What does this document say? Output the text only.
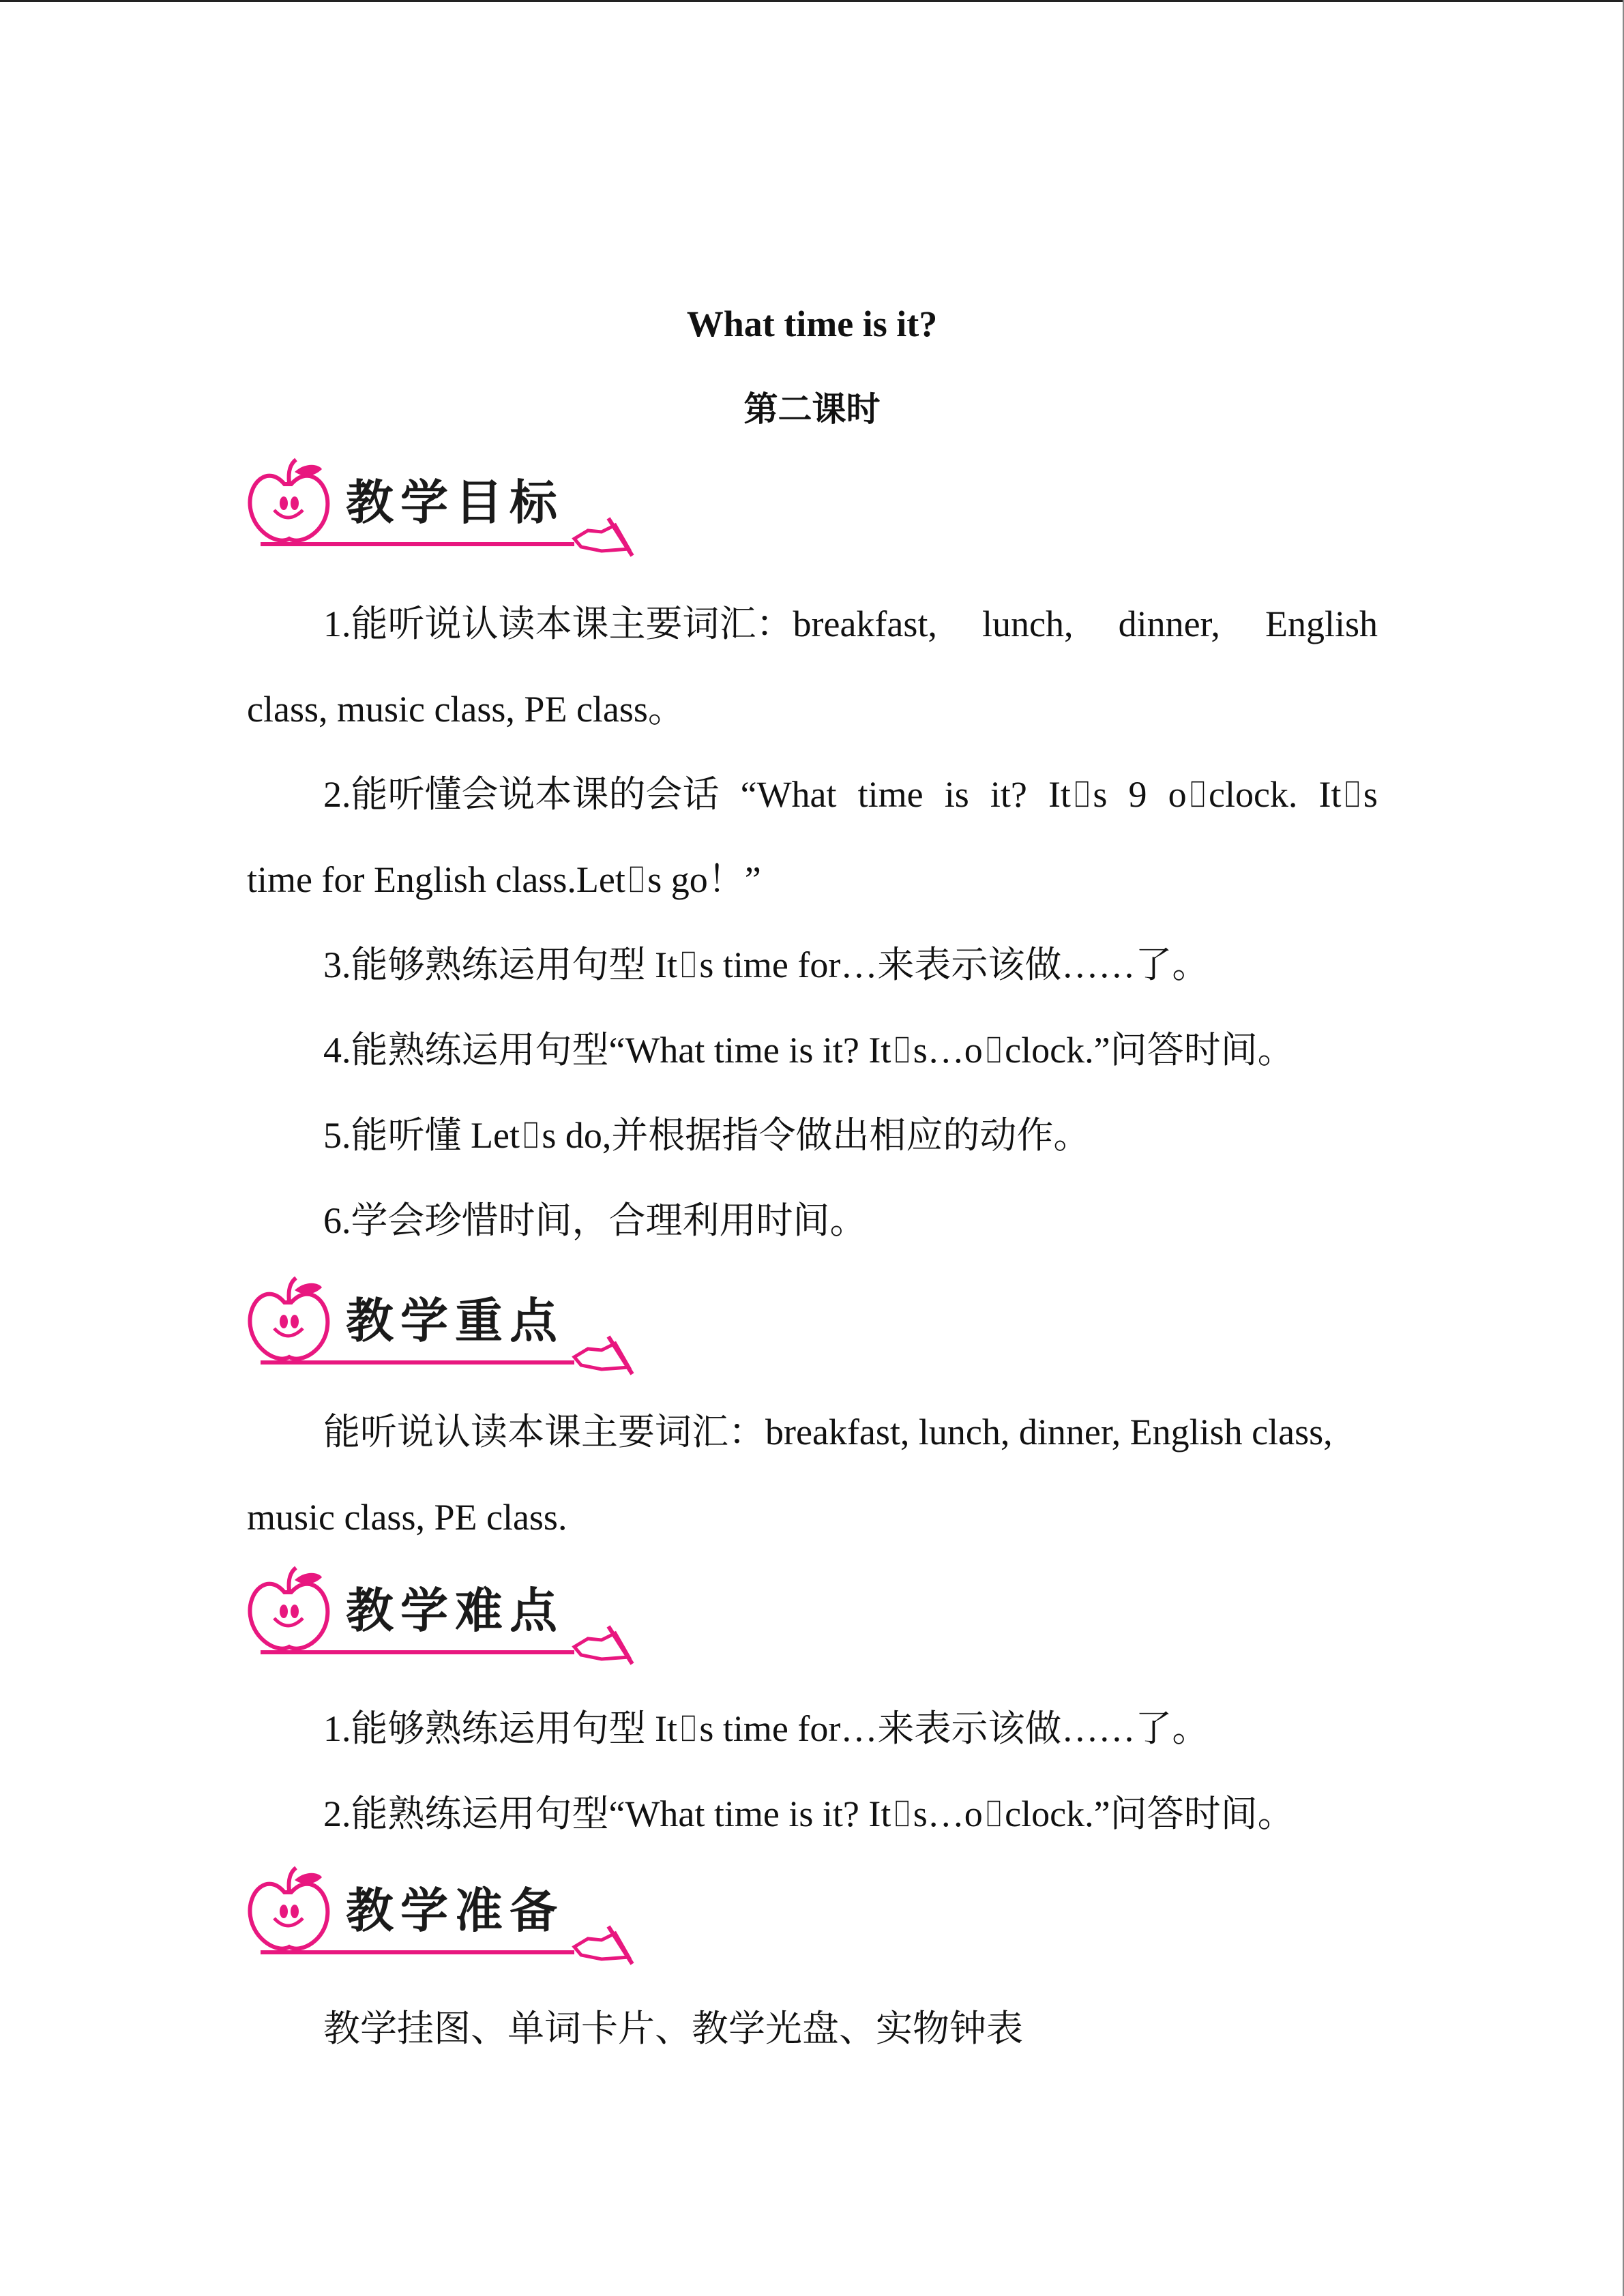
What time is it?
第二课时
教学目标
1.能听说认读本课主要词汇：breakfast, lunch, dinner, English
class, music class, PE class。
2.能听懂会说本课的会话 “What time is it? It⌷s 9 o⌷clock. It⌷s
time for English class.Let⌷s go！”
3.能够熟练运用句型 It⌷s time for…来表示该做……了。
4.能熟练运用句型“What time is it? It⌷s…o⌷clock.”问答时间。
5.能听懂 Let⌷s do,并根据指令做出相应的动作。
6.学会珍惜时间，合理利用时间。
教学重点
能听说认读本课主要词汇：breakfast, lunch, dinner, English class,
music class, PE class.
教学难点
1.能够熟练运用句型 It⌷s time for…来表示该做……了。
2.能熟练运用句型“What time is it? It⌷s…o⌷clock.”问答时间。
教学准备
教学挂图、单词卡片、教学光盘、实物钟表
